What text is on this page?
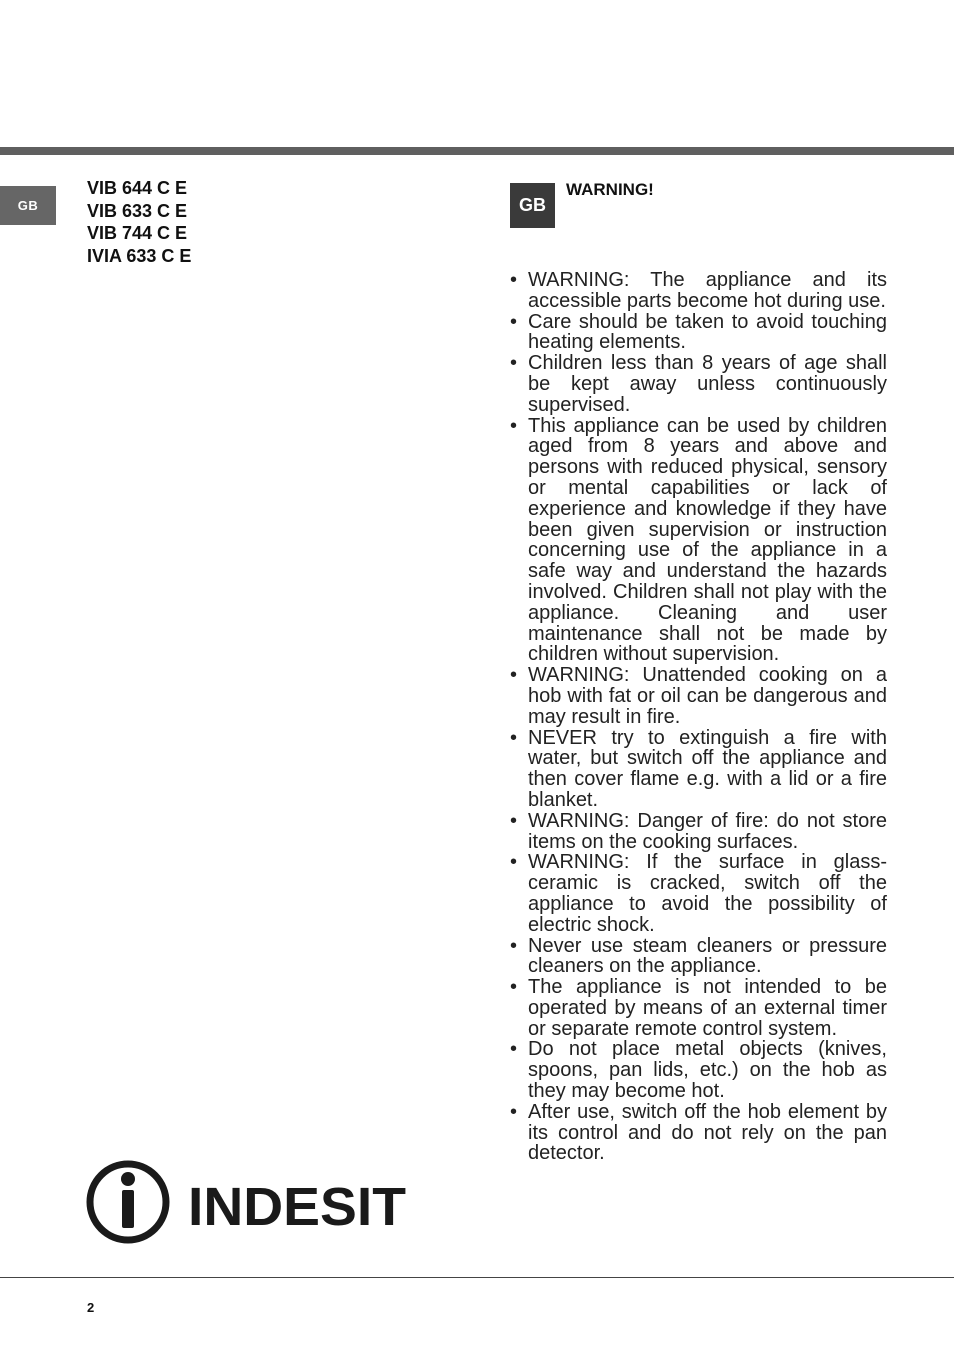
GB
VIB 644 C E
VIB 633 C E
VIB 744 C E
IVIA 633 C E
GB
WARNING!
• WARNING: The appliance and its accessible parts become hot during use.
• Care should be taken to avoid touching heating elements.
• Children less than 8 years of age shall be kept away unless continuously supervised.
• This appliance can be used by children aged from 8 years and above and persons with reduced physical, sensory or mental capabilities or lack of experience and knowledge if they have been given supervision or instruction concerning use of the appliance in a safe way and understand the hazards involved. Children shall not play with the appliance. Cleaning and user maintenance shall not be made by children without supervision.
• WARNING: Unattended cooking on a hob with fat or oil can be dangerous and may result in fire.
• NEVER try to extinguish a fire with water, but switch off the appliance and then cover flame e.g. with a lid or a fire blanket.
• WARNING: Danger of fire: do not store items on the cooking surfaces.
• WARNING: If the surface in glass-ceramic is cracked, switch off the appliance to avoid the possibility of electric shock.
• Never use steam cleaners or pressure cleaners on the appliance.
• The appliance is not intended to be operated by means of an external timer or separate remote control system.
• Do not place metal objects (knives, spoons, pan lids, etc.) on the hob as they may become hot.
• After use, switch off the hob element by its control and do not rely on the pan detector.
INDESIT
2
